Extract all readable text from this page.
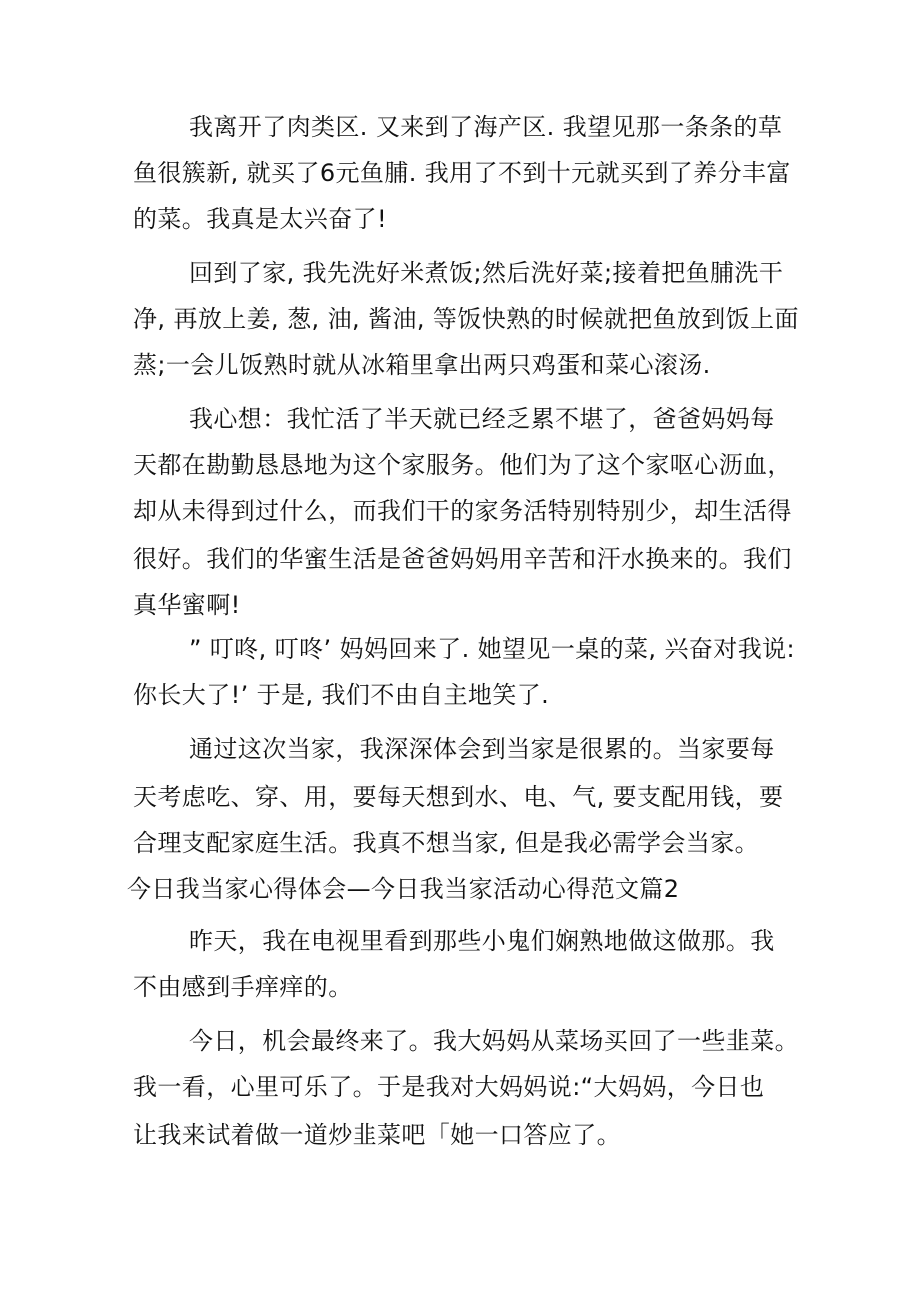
我离开了肉类区. 又来到了海产区. 我望见那一条条的草
鱼很簇新, 就买了6元鱼脯. 我用了不到十元就买到了养分丰富
的菜。我真是太兴奋了!
回到了家, 我先洗好米煮饭;然后洗好菜;接着把鱼脯洗干
净, 再放上姜, 葱, 油, 酱油, 等饭快熟的时候就把鱼放到饭上面
蒸;一会儿饭熟时就从冰箱里拿出两只鸡蛋和菜心滚汤.
我心想：我忙活了半天就已经乏累不堪了，爸爸妈妈每
天都在勘勤恳恳地为这个家服务。他们为了这个家呕心沥血，
却从未得到过什么，而我们干的家务活特别特别少，却生活得
很好。我们的华蜜生活是爸爸妈妈用辛苦和汗水换来的。我们
真华蜜啊!
” 叮咚, 叮咚’ 妈妈回来了. 她望见一桌的菜, 兴奋对我说:
你长大了!’ 于是, 我们不由自主地笑了.
通过这次当家，我深深体会到当家是很累的。当家要每
天考虑吃、穿、用，要每天想到水、电、气, 要支配用钱，要
合理支配家庭生活。我真不想当家, 但是我必需学会当家。
今日我当家心得体会—今日我当家活动心得范文篇2
昨天，我在电视里看到那些小鬼们娴熟地做这做那。我
不由感到手痒痒的。
今日，机会最终来了。我大妈妈从菜场买回了一些韭菜。
我一看，心里可乐了。于是我对大妈妈说:“大妈妈，今日也
让我来试着做一道炒韭菜吧「她一口答应了。
